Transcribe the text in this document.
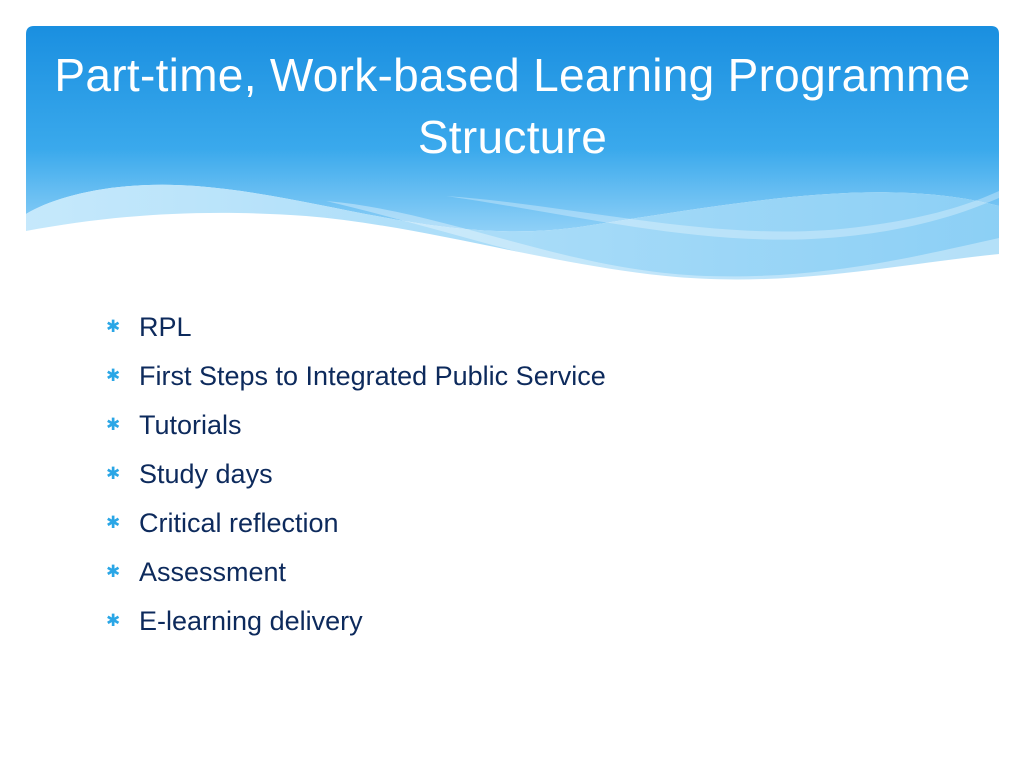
Part-time, Work-based Learning Programme Structure
✱ RPL
✱ First Steps to Integrated Public Service
✱ Tutorials
✱ Study days
✱ Critical reflection
✱ Assessment
✱ E-learning delivery
